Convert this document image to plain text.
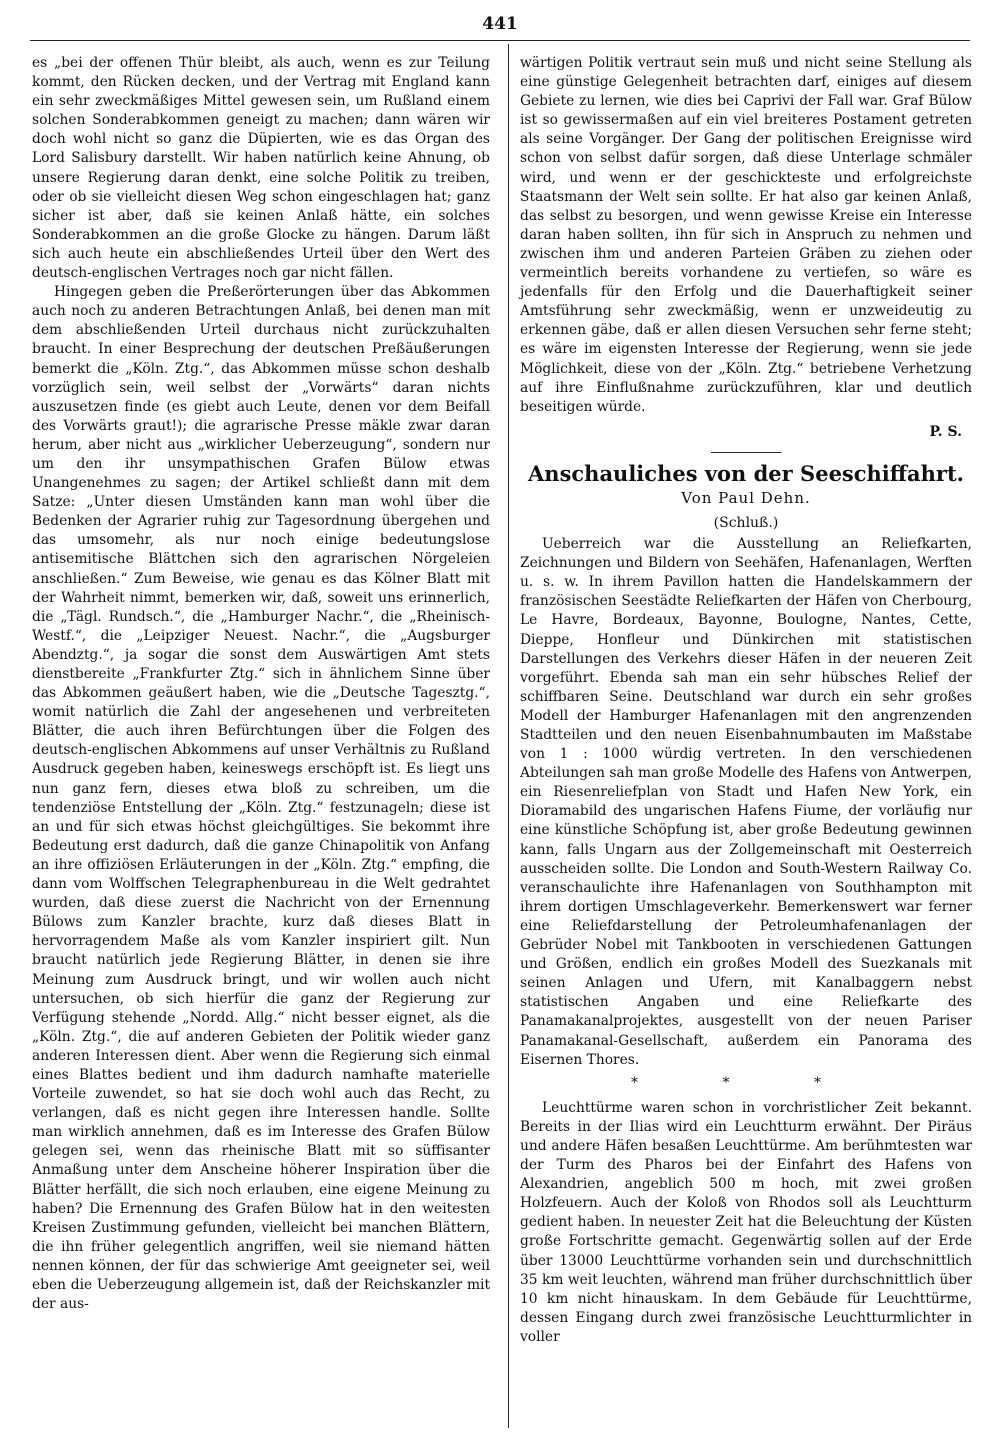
441

es „bei der offenen Thür bleibt, als auch, wenn es zur Teilung kommt, den Rücken decken, und der Vertrag mit England kann ein sehr zweckmäßiges Mittel gewesen sein, um Rußland einem solchen Sonderabkommen geneigt zu machen; dann wären wir doch wohl nicht so ganz die Düpierten, wie es das Organ des Lord Salisbury darstellt. Wir haben natürlich keine Ahnung, ob unsere Regierung daran denkt, eine solche Politik zu treiben, oder ob sie vielleicht diesen Weg schon eingeschlagen hat; ganz sicher ist aber, daß sie keinen Anlaß hätte, ein solches Sonderabkommen an die große Glocke zu hängen. Darum läßt sich auch heute ein abschließendes Urteil über den Wert des deutsch-englischen Vertrages noch gar nicht fällen.

Hingegen geben die Preßerörterungen über das Abkommen auch noch zu anderen Betrachtungen Anlaß, bei denen man mit dem abschließenden Urteil durchaus nicht zurückzuhalten braucht. In einer Besprechung der deutschen Preßäußerungen bemerkt die „Köln. Ztg.“, das Abkommen müsse schon deshalb vorzüglich sein, weil selbst der „Vorwärts“ daran nichts auszusetzen finde (es giebt auch Leute, denen vor dem Beifall des Vorwärts graut!); die agrarische Presse mäkle zwar daran herum, aber nicht aus „wirklicher Ueberzeugung“, sondern nur um den ihr unsympathischen Grafen Bülow etwas Unangenehmes zu sagen; der Artikel schließt dann mit dem Satze: „Unter diesen Umständen kann man wohl über die Bedenken der Agrarier ruhig zur Tagesordnung übergehen und das umsomehr, als nur noch einige bedeutungslose antisemitische Blättchen sich den agrarischen Nörgeleien anschließen.“ Zum Beweise, wie genau es das Kölner Blatt mit der Wahrheit nimmt, bemerken wir, daß, soweit uns erinnerlich, die „Tägl. Rundsch.“, die „Hamburger Nachr.“, die „Rheinisch-Westf.“, die „Leipziger Neuest. Nachr.“, die „Augsburger Abendztg.“, ja sogar die sonst dem Auswärtigen Amt stets dienstbereite „Frankfurter Ztg.“ sich in ähnlichem Sinne über das Abkommen geäußert haben, wie die „Deutsche Tagesztg.“, womit natürlich die Zahl der angesehenen und verbreiteten Blätter, die auch ihren Befürchtungen über die Folgen des deutsch-englischen Abkommens auf unser Verhältnis zu Rußland Ausdruck gegeben haben, keineswegs erschöpft ist. Es liegt uns nun ganz fern, dieses etwa bloß zu schreiben, um die tendenziöse Entstellung der „Köln. Ztg.“ festzunageln; diese ist an und für sich etwas höchst gleichgültiges. Sie bekommt ihre Bedeutung erst dadurch, daß die ganze Chinapolitik von Anfang an ihre offiziösen Erläuterungen in der „Köln. Ztg.“ empfing, die dann vom Wolffschen Telegraphenbureau in die Welt gedrahtet wurden, daß diese zuerst die Nachricht von der Ernennung Bülows zum Kanzler brachte, kurz daß dieses Blatt in hervorragendem Maße als vom Kanzler inspiriert gilt. Nun braucht natürlich jede Regierung Blätter, in denen sie ihre Meinung zum Ausdruck bringt, und wir wollen auch nicht untersuchen, ob sich hierfür die ganz der Regierung zur Verfügung stehende „Nordd. Allg.“ nicht besser eignet, als die „Köln. Ztg.“, die auf anderen Gebieten der Politik wieder ganz anderen Interessen dient. Aber wenn die Regierung sich einmal eines Blattes bedient und ihm dadurch namhafte materielle Vorteile zuwendet, so hat sie doch wohl auch das Recht, zu verlangen, daß es nicht gegen ihre Interessen handle. Sollte man wirklich annehmen, daß es im Interesse des Grafen Bülow gelegen sei, wenn das rheinische Blatt mit so süffisanter Anmaßung unter dem Anscheine höherer Inspiration über die Blätter herfällt, die sich noch erlauben, eine eigene Meinung zu haben? Die Ernennung des Grafen Bülow hat in den weitesten Kreisen Zustimmung gefunden, vielleicht bei manchen Blättern, die ihn früher gelegentlich angriffen, weil sie niemand hätten nennen können, der für das schwierige Amt geeigneter sei, weil eben die Ueberzeugung allgemein ist, daß der Reichskanzler mit der aus-

wärtigen Politik vertraut sein muß und nicht seine Stellung als eine günstige Gelegenheit betrachten darf, einiges auf diesem Gebiete zu lernen, wie dies bei Caprivi der Fall war. Graf Bülow ist so gewissermaßen auf ein viel breiteres Postament getreten als seine Vorgänger. Der Gang der politischen Ereignisse wird schon von selbst dafür sorgen, daß diese Unterlage schmäler wird, und wenn er der geschickteste und erfolgreichste Staatsmann der Welt sein sollte. Er hat also gar keinen Anlaß, das selbst zu besorgen, und wenn gewisse Kreise ein Interesse daran haben sollten, ihn für sich in Anspruch zu nehmen und zwischen ihm und anderen Parteien Gräben zu ziehen oder vermeintlich bereits vorhandene zu vertiefen, so wäre es jedenfalls für den Erfolg und die Dauerhaftigkeit seiner Amtsführung sehr zweckmäßig, wenn er unzweideutig zu erkennen gäbe, daß er allen diesen Versuchen sehr ferne steht; es wäre im eigensten Interesse der Regierung, wenn sie jede Möglichkeit, diese von der „Köln. Ztg.“ betriebene Verhetzung auf ihre Einflußnahme zurückzuführen, klar und deutlich beseitigen würde.

P. S.
Anschauliches von der Seeschiffahrt.
Von Paul Dehn.
(Schluß.)

Ueberreich war die Ausstellung an Reliefkarten, Zeichnungen und Bildern von Seehäfen, Hafenanlagen, Werften u. s. w. In ihrem Pavillon hatten die Handelskammern der französischen Seestädte Reliefkarten der Häfen von Cherbourg, Le Havre, Bordeaux, Bayonne, Boulogne, Nantes, Cette, Dieppe, Honfleur und Dünkirchen mit statistischen Darstellungen des Verkehrs dieser Häfen in der neueren Zeit vorgeführt. Ebenda sah man ein sehr hübsches Relief der schiffbaren Seine. Deutschland war durch ein sehr großes Modell der Hamburger Hafenanlagen mit den angrenzenden Stadtteilen und den neuen Eisenbahnumbauten im Maßstabe von 1 : 1000 würdig vertreten. In den verschiedenen Abteilungen sah man große Modelle des Hafens von Antwerpen, ein Riesenreliefplan von Stadt und Hafen New York, ein Dioramabild des ungarischen Hafens Fiume, der vorläufig nur eine künstliche Schöpfung ist, aber große Bedeutung gewinnen kann, falls Ungarn aus der Zollgemeinschaft mit Oesterreich ausscheiden sollte. Die London and South-Western Railway Co. veranschaulichte ihre Hafenanlagen von Southhampton mit ihrem dortigen Umschlageverkehr. Bemerkenswert war ferner eine Reliefdarstellung der Petroleumhafenanlagen der Gebrüder Nobel mit Tankbooten in verschiedenen Gattungen und Größen, endlich ein großes Modell des Suezkanals mit seinen Anlagen und Ufern, mit Kanalbaggern nebst statistischen Angaben und eine Reliefkarte des Panamakanalprojektes, ausgestellt von der neuen Pariser Panamakanal-Gesellschaft, außerdem ein Panorama des Eisernen Thores.

* * *

Leuchttürme waren schon in vorchristlicher Zeit bekannt. Bereits in der Ilias wird ein Leuchtturm erwähnt. Der Piräus und andere Häfen besaßen Leuchttürme. Am berühmtesten war der Turm des Pharos bei der Einfahrt des Hafens von Alexandrien, angeblich 500 m hoch, mit zwei großen Holzfeuern. Auch der Koloß von Rhodos soll als Leuchtturm gedient haben. In neuester Zeit hat die Beleuchtung der Küsten große Fortschritte gemacht. Gegenwärtig sollen auf der Erde über 13000 Leuchttürme vorhanden sein und durchschnittlich 35 km weit leuchten, während man früher durchschnittlich über 10 km nicht hinauskam. In dem Gebäude für Leuchttürme, dessen Eingang durch zwei französische Leuchtturmlichter in voller
